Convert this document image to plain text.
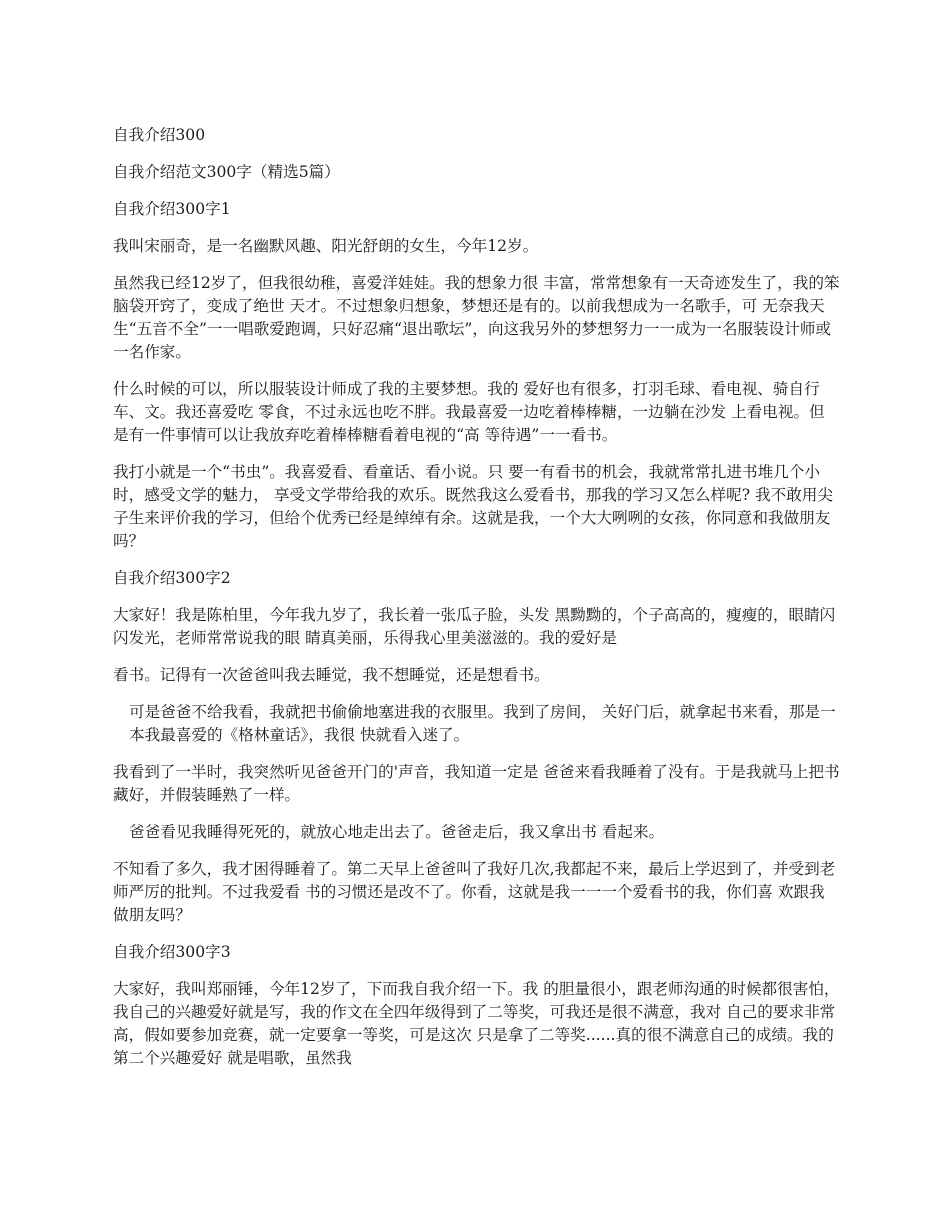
自我介绍300

自我介绍范文300字（精选5篇）

自我介绍300字1

我叫宋丽奇，是一名幽默风趣、阳光舒朗的女生，今年12岁。

虽然我已经12岁了，但我很幼稚，喜爱洋娃娃。我的想象力很 丰富，常常想象有一天奇迹发生了，我的笨脑袋开窍了，变成了绝世 天才。不过想象归想象，梦想还是有的。以前我想成为一名歌手，可 无奈我天生“五音不全”一一唱歌爱跑调，只好忍痛“退出歌坛”，向这我另外的梦想努力一一成为一名服装设计师或一名作家。

什么时候的可以，所以服装设计师成了我的主要梦想。我的 爱好也有很多，打羽毛球、看电视、骑自行车、文。我还喜爱吃 零食，不过永远也吃不胖。我最喜爱一边吃着棒棒糖，一边躺在沙发 上看电视。但是有一件事情可以让我放弃吃着棒棒糖看着电视的“高 等待遇”一一看书。

我打小就是一个“书虫”。我喜爱看、看童话、看小说。只 要一有看书的机会，我就常常扎进书堆几个小时，感受文学的魅力， 享受文学带给我的欢乐。既然我这么爱看书，那我的学习又怎么样呢? 我不敢用尖子生来评价我的学习，但给个优秀已经是绰绰有余。这就是我，一个大大咧咧的女孩，你同意和我做朋友吗？

自我介绍300字2

大家好！我是陈柏里，今年我九岁了，我长着一张瓜子脸，头发 黑黝黝的，个子高高的，瘦瘦的，眼睛闪闪发光，老师常常说我的眼 睛真美丽，乐得我心里美滋滋的。我的爱好是

看书。记得有一次爸爸叫我去睡觉，我不想睡觉，还是想看书。

可是爸爸不给我看，我就把书偷偷地塞进我的衣服里。我到了房间， 关好门后，就拿起书来看，那是一本我最喜爱的《格林童话》，我很 快就看入迷了。

我看到了一半时，我突然听见爸爸开门的'声音，我知道一定是 爸爸来看我睡着了没有。于是我就马上把书藏好，并假装睡熟了一样。

爸爸看见我睡得死死的，就放心地走出去了。爸爸走后，我又拿出书 看起来。

不知看了多久，我才困得睡着了。第二天早上爸爸叫了我好几次,我都起不来，最后上学迟到了，并受到老师严厉的批判。不过我爱看 书的习惯还是改不了。你看，这就是我一一一个爱看书的我，你们喜 欢跟我做朋友吗？

自我介绍300字3

大家好，我叫郑丽锤，今年12岁了，下而我自我介绍一下。我 的胆量很小，跟老师沟通的时候都很害怕，我自己的兴趣爱好就是写，我的作文在全四年级得到了二等奖，可我还是很不满意，我对 自己的要求非常高，假如要参加竞赛，就一定要拿一等奖，可是这次 只是拿了二等奖......真的很不满意自己的成绩。我的第二个兴趣爱好 就是唱歌，虽然我
